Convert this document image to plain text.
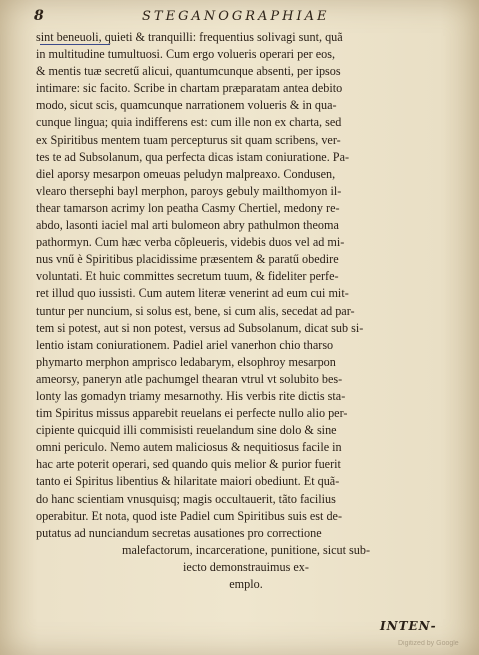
8	STEGANOGRAPHIAE
sint beneuoli, quieti & tranquilli: frequentius solivagi sunt, quã
in multitudine tumultuosi. Cum ergo volueris operari per eos,
& mentis tuæ secretű alicui, quantumcunque absenti, per ipsos
intimare: sic facito. Scribe in chartam præparatam antea debito
modo, sicut scis, quamcunque narrationem volueris & in qua-
cunque lingua; quia indifferens est: cum ille non ex charta, sed
ex Spiritibus mentem tuam percepturus sit quam scribens, ver-
tes te ad Subsolanum, qua perfecta dicas istam coniuratione. Pa-
diel aporsy mesarpon omeuas peludyn malpreaxo. Condusen,
vlearo thersephi bayl merphon, paroys gebuly mailthomyon il-
thear tamarson acrimy lon peatha Casmy Chertiel, medony re-
abdo, lasonti iaciel mal arti bulomeon abry pathulmon theoma
pathormyn. Cum hæc verba cõpleueris, videbis duos vel ad mi-
nus vnű è Spiritibus placidissime præsentem & paratű obedire
voluntati. Et huic committes secretum tuum, & fideliter perfe-
ret illud quo iussisti. Cum autem literæ venerint ad eum cui mit-
tuntur per nuncium, si solus est, bene, si cum alis, secedat ad par-
tem si potest, aut si non potest, versus ad Subsolanum, dicat sub si-
lentio istam coniurationem. Padiel ariel vanerhon chio tharso
phymarto merphon amprisco ledabarym, elsophroy mesarpon
ameorsy, paneryn atle pachumgel thearan vtrul vt solubito bes-
lonty las gomadyn triamy mesarnothy. His verbis rite dictis sta-
tim Spiritus missus apparebit reuelans ei perfecte nullo alio per-
cipiente quicquid illi commisisti reuelandum sine dolo & sine
omni periculo. Nemo autem maliciosus & nequitiosus facile in
hac arte poterit operari, sed quando quis melior & purior fuerit
tanto ei Spiritus libentius & hilaritate maiori obediunt. Et quã-
do hanc scientiam vnusquisq; magis occultauerit, tãto facilius
operabitur. Et nota, quod iste Padiel cum Spiritibus suis est de-
putatus ad nunciandum secretas ausationes pro correctione
malefactorum, incarceratione, punitione, sicut sub-
iecto demonstrauimus ex-
emplo.
INTEN-
Digitized by Google
